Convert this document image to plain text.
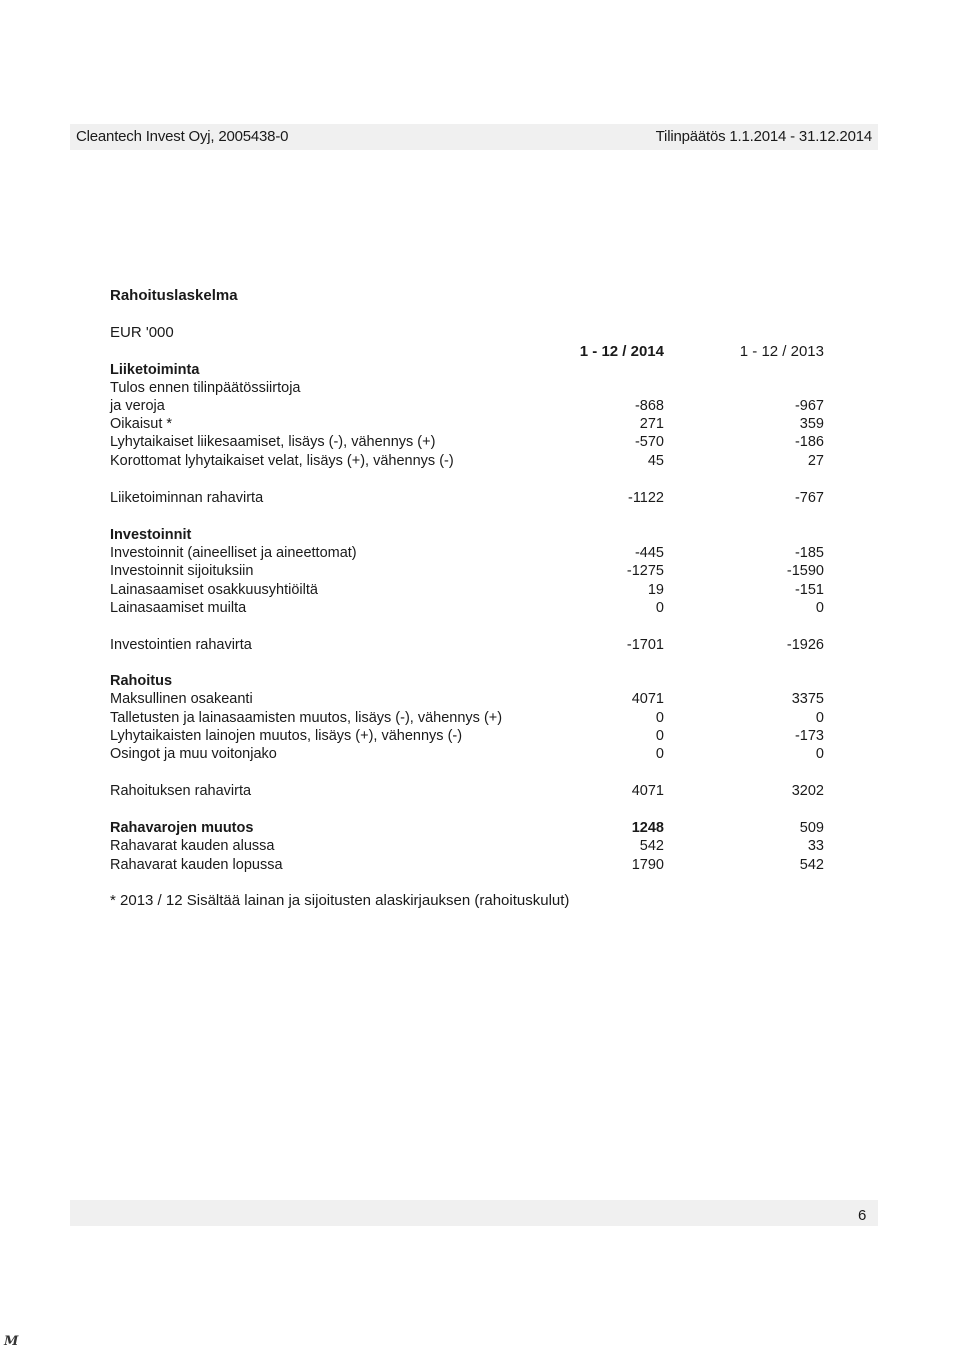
Cleantech Invest Oyj, 2005438-0	Tilinpäätös 1.1.2014 - 31.12.2014
Rahoituslaskelma
EUR '000
1 - 12 / 2014	1 - 12 / 2013
Liiketoiminta
Tulos ennen tilinpäätössiirtoja
ja veroja	-868	-967
Oikaisut *	271	359
Lyhytaikaiset liikesaamiset, lisäys (-), vähennys (+)	-570	-186
Korottomat lyhytaikaiset velat, lisäys (+), vähennys (-)	45	27
Liiketoiminnan rahavirta	-1122	-767
Investoinnit
Investoinnit (aineelliset ja aineettomat)	-445	-185
Investoinnit sijoituksiin	-1275	-1590
Lainasaamiset osakkuusyhtiöiltä	19	-151
Lainasaamiset muilta	0	0
Investointien rahavirta	-1701	-1926
Rahoitus
Maksullinen osakeanti	4071	3375
Talletusten ja lainasaamisten muutos, lisäys (-), vähennys (+)	0	0
Lyhytaikaisten lainojen muutos, lisäys (+), vähennys (-)	0	-173
Osingot ja muu voitonjako	0	0
Rahoituksen rahavirta	4071	3202
Rahavarojen muutos	1248	509
Rahavarat kauden alussa	542	33
Rahavarat kauden lopussa	1790	542
* 2013 / 12 Sisältää lainan ja sijoitusten alaskirjauksen (rahoituskulut)
6
M
